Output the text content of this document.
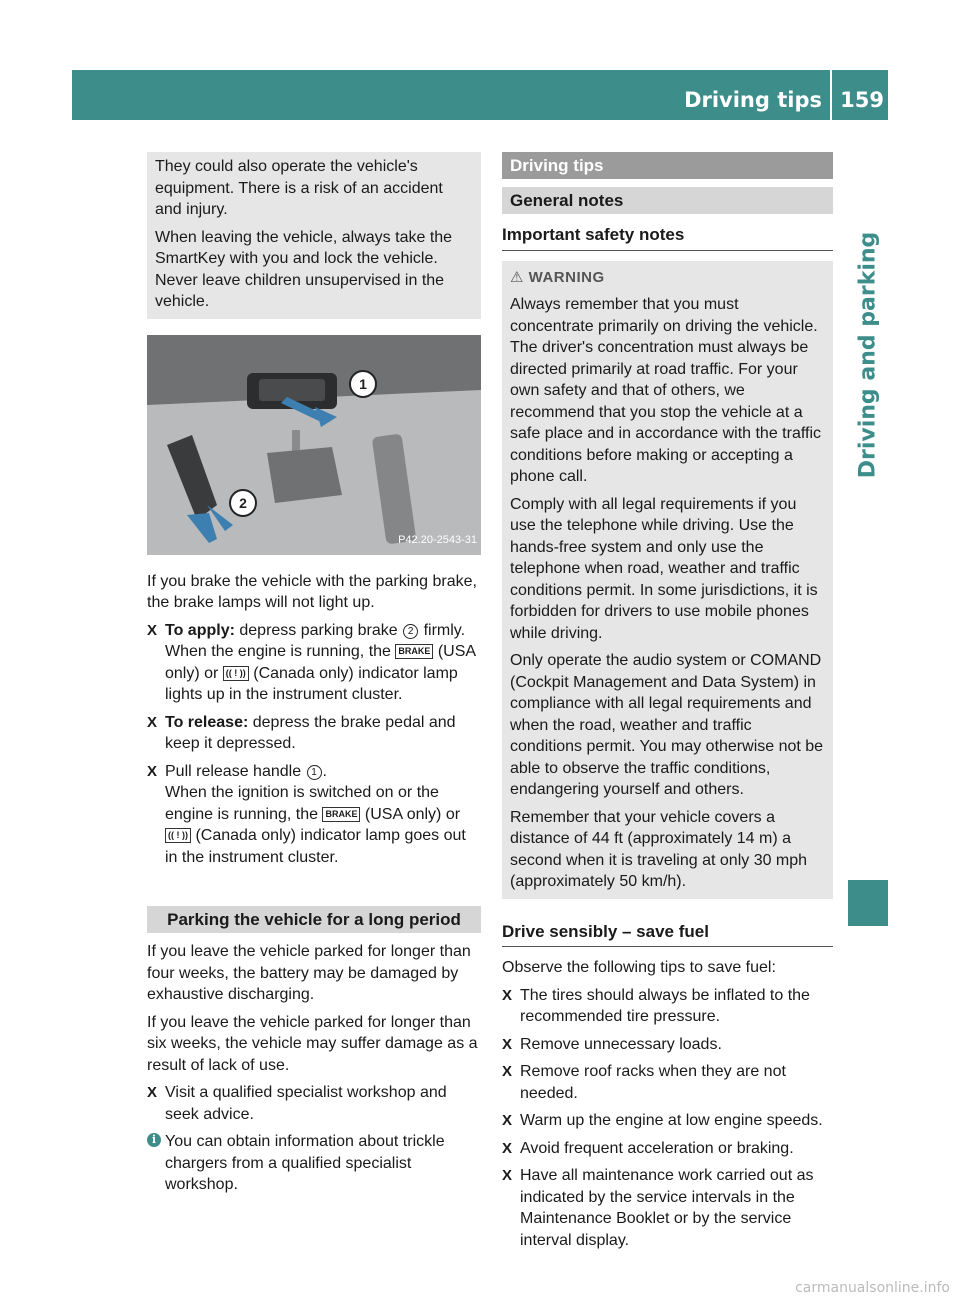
Driving tips 159
Driving and parking

They could also operate the vehicle's equipment. There is a risk of an accident and injury.

When leaving the vehicle, always take the SmartKey with you and lock the vehicle. Never leave children unsupervised in the vehicle.

1
2
P42.20-2543-31

If you brake the vehicle with the parking brake, the brake lamps will not light up.

X To apply: depress parking brake 2 firmly. When the engine is running, the BRAKE (USA only) or (( ! )) (Canada only) indicator lamp lights up in the instrument cluster.
X To release: depress the brake pedal and keep it depressed.
X Pull release handle 1 .
When the ignition is switched on or the engine is running, the BRAKE (USA only) or (( ! )) (Canada only) indicator lamp goes out in the instrument cluster.
Parking the vehicle for a long period

If you leave the vehicle parked for longer than four weeks, the battery may be damaged by exhaustive discharging.

If you leave the vehicle parked for longer than six weeks, the vehicle may suffer damage as a result of lack of use.

X Visit a qualified specialist workshop and seek advice.
i You can obtain information about trickle chargers from a qualified specialist workshop.
Driving tips
General notes
Important safety notes
⚠ WARNING

Always remember that you must concentrate primarily on driving the vehicle. The driver's concentration must always be directed primarily at road traffic. For your own safety and that of others, we recommend that you stop the vehicle at a safe place and in accordance with the traffic conditions before making or accepting a phone call.

Comply with all legal requirements if you use the telephone while driving. Use the hands-free system and only use the telephone when road, weather and traffic conditions permit. In some jurisdictions, it is forbidden for drivers to use mobile phones while driving.

Only operate the audio system or COMAND (Cockpit Management and Data System) in compliance with all legal requirements and when the road, weather and traffic conditions permit. You may otherwise not be able to observe the traffic conditions, endangering yourself and others.

Remember that your vehicle covers a distance of 44 ft (approximately 14 m) a second when it is traveling at only 30 mph (approximately 50 km/h).

Drive sensibly – save fuel

Observe the following tips to save fuel:

X The tires should always be inflated to the recommended tire pressure.
X Remove unnecessary loads.
X Remove roof racks when they are not needed.
X Warm up the engine at low engine speeds.
X Avoid frequent acceleration or braking.
X Have all maintenance work carried out as indicated by the service intervals in the Maintenance Booklet or by the service interval display.
carmanualsonline.info
